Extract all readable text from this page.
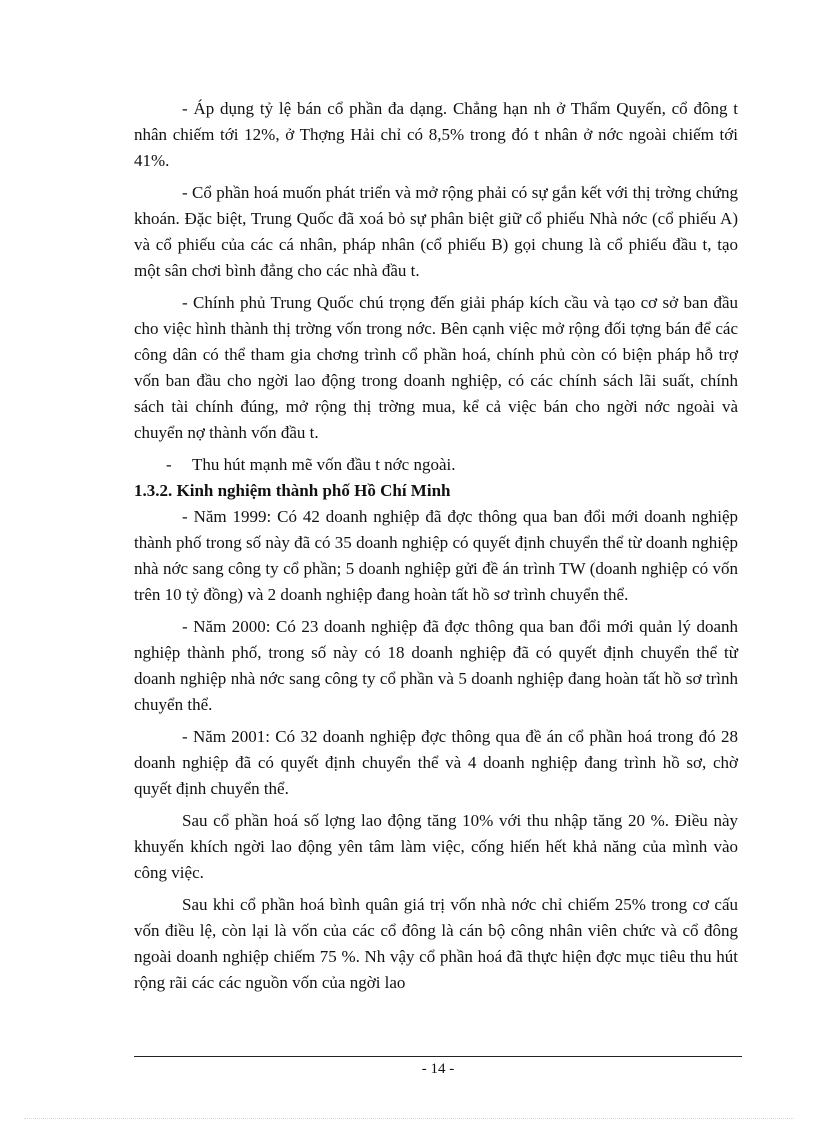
- Áp dụng tỷ lệ bán cổ phần đa dạng. Chẳng hạn nh ở Thẩm Quyến, cổ đông t nhân chiếm tới 12%, ở Thợng Hải chỉ có 8,5% trong đó t nhân ở nớc ngoài chiếm tới 41%.

- Cổ phần hoá muốn phát triển và mở rộng phải có sự gắn kết với thị trờng chứng khoán. Đặc biệt, Trung Quốc đã xoá bỏ sự phân biệt giữ cổ phiếu Nhà nớc (cổ phiếu A) và cổ phiếu của các cá nhân, pháp nhân (cổ phiếu B) gọi chung là cổ phiếu đầu t, tạo một sân chơi bình đẳng cho các nhà đầu t.

- Chính phủ Trung Quốc chú trọng đến giải pháp kích cầu và tạo cơ sở ban đầu cho việc hình thành thị trờng vốn trong nớc. Bên cạnh việc mở rộng đối tợng bán để các công dân có thể tham gia chơng trình cổ phần hoá, chính phủ còn có biện pháp hỗ trợ vốn ban đầu cho ngời lao động trong doanh nghiệp, có các chính sách lãi suất, chính sách tài chính đúng, mở rộng thị trờng mua, kể cả việc bán cho ngời nớc ngoài và chuyển nợ thành vốn đầu t.

-	Thu hút mạnh mẽ vốn đầu t nớc ngoài.
1.3.2. Kinh nghiệm thành phố Hồ Chí Minh

- Năm 1999: Có 42 doanh nghiệp đã đợc thông qua ban đổi mới doanh nghiệp thành phố trong số này đã có 35 doanh nghiệp có quyết định chuyển thể từ doanh nghiệp nhà nớc sang công ty cổ phần; 5 doanh nghiệp gửi đề án trình TW (doanh nghiệp có vốn trên 10 tỷ đồng) và 2 doanh nghiệp đang hoàn tất hồ sơ trình chuyển thể.

- Năm 2000: Có 23 doanh nghiệp đã đợc thông qua ban đổi mới quản lý doanh nghiệp thành phố, trong số này có 18 doanh nghiệp đã có quyết định chuyển thể từ doanh nghiệp nhà nớc sang công ty cổ phần và 5 doanh nghiệp đang hoàn tất hồ sơ trình chuyển thể.

- Năm 2001: Có 32 doanh nghiệp đợc thông qua đề án cổ phần hoá trong đó 28 doanh nghiệp đã có quyết định chuyển thể và 4 doanh nghiệp đang trình hồ sơ, chờ quyết định chuyển thể.

Sau cổ phần hoá số lợng lao động tăng 10% với thu nhập tăng 20 %. Điều này khuyến khích ngời lao động yên tâm làm việc, cống hiến hết khả năng của mình vào công việc.

Sau khi cổ phần hoá bình quân giá trị vốn nhà nớc chỉ chiếm 25% trong cơ cấu vốn điều lệ, còn lại là vốn của các cổ đông là cán bộ công nhân viên chức và cổ đông ngoài doanh nghiệp chiếm 75 %. Nh vậy cổ phần hoá đã thực hiện đợc mục tiêu thu hút rộng rãi các các nguồn vốn của ngời lao

- 14 -
